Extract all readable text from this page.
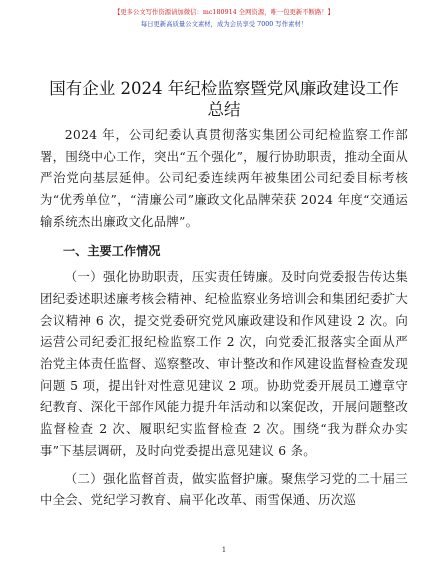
【更多公文写作资源请加微信：mc180914 全网资源，唯一包更新不断路！】
每日更新高质量公文素材，成为会员享受 7000 写作素材！
国有企业 2024 年纪检监察暨党风廉政建设工作
总结

2024 年，公司纪委认真贯彻落实集团公司纪检监察工作部署，围绕中心工作，突出“五个强化”，履行协助职责，推动全面从严治党向基层延伸。公司纪委连续两年被集团公司纪委目标考核为“优秀单位”，“清廉公司”廉政文化品牌荣获 2024 年度“交通运输系统杰出廉政文化品牌”。

一、主要工作情况

（一）强化协助职责，压实责任铸廉。及时向党委报告传达集团纪委述职述廉考核会精神、纪检监察业务培训会和集团纪委扩大会议精神 6 次，提交党委研究党风廉政建设和作风建设 2 次。向运营公司纪委汇报纪检监察工作 2 次，向党委汇报落实全面从严治党主体责任监督、巡察整改、审计整改和作风建设监督检查发现问题 5 项，提出针对性意见建议 2 项。协助党委开展员工遵章守纪教育、深化干部作风能力提升年活动和以案促改，开展问题整改监督检查 2 次、履职纪实监督检查 2 次。围绕“我为群众办实事”下基层调研，及时向党委提出意见建议 6 条。

（二）强化监督首责，做实监督护廉。聚焦学习党的二十届三中全会、党纪学习教育、扁平化改革、雨雪保通、历次巡

1
